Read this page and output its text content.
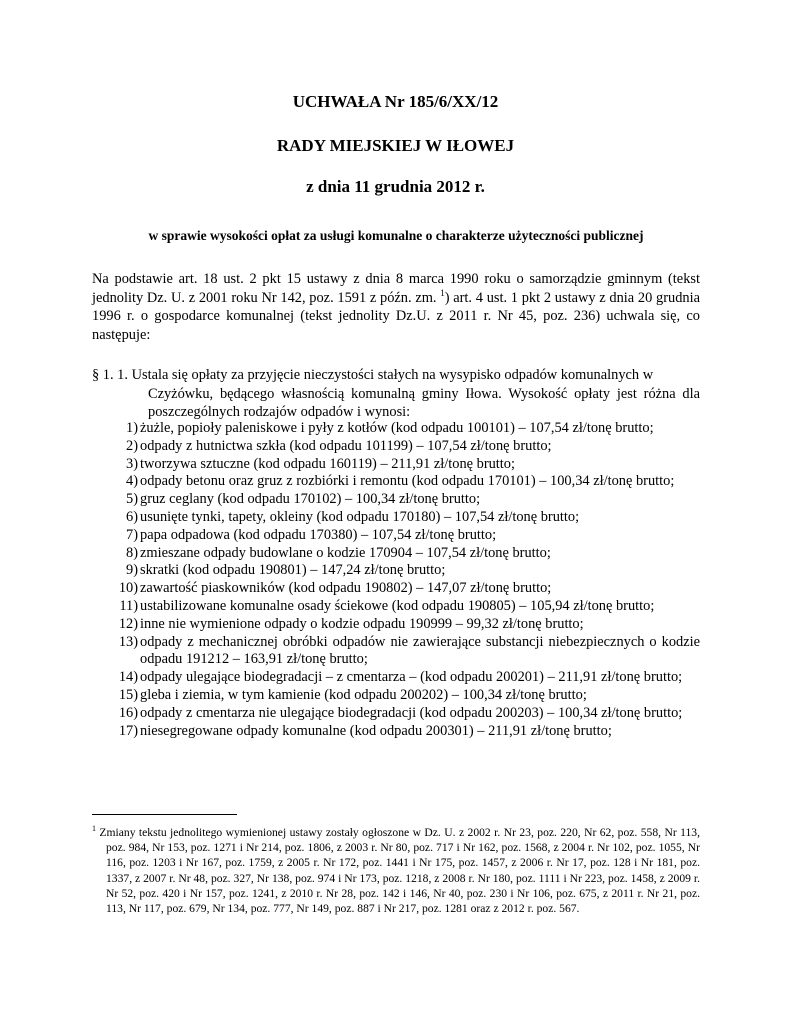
UCHWAŁA Nr 185/6/XX/12
RADY MIEJSKIEJ W IŁOWEJ
z dnia 11 grudnia 2012 r.

w sprawie wysokości opłat za usługi komunalne o charakterze użyteczności publicznej

Na podstawie art. 18 ust. 2 pkt 15 ustawy z dnia 8 marca 1990 roku o samorządzie gminnym (tekst jednolity Dz. U. z 2001 roku Nr 142, poz. 1591 z późn. zm. $^1$) art. 4 ust. 1 pkt 2 ustawy z dnia 20 grudnia 1996 r. o gospodarce komunalnej (tekst jednolity Dz.U. z 2011 r. Nr 45, poz. 236) uchwala się, co następuje:

§ 1. 1. Ustala się opłaty za przyjęcie nieczystości stałych na wysypisko odpadów komunalnych w
Czyżówku, będącego własnością komunalną gminy Iłowa. Wysokość opłaty jest różna dla poszczególnych rodzajów odpadów i wynosi:
1) żużle, popioły paleniskowe i pyły z kotłów (kod odpadu 100101) – 107,54 zł/tonę brutto;
2) odpady z hutnictwa szkła (kod odpadu 101199) – 107,54 zł/tonę brutto;
3) tworzywa sztuczne (kod odpadu 160119) – 211,91 zł/tonę brutto;
4) odpady betonu oraz gruz z rozbiórki i remontu (kod odpadu 170101) – 100,34 zł/tonę brutto;
5) gruz ceglany (kod odpadu 170102) – 100,34 zł/tonę brutto;
6) usunięte tynki, tapety, okleiny (kod odpadu 170180) – 107,54 zł/tonę brutto;
7) papa odpadowa (kod odpadu 170380) – 107,54 zł/tonę brutto;
8) zmieszane odpady budowlane o kodzie 170904 – 107,54 zł/tonę brutto;
9) skratki (kod odpadu 190801) – 147,24 zł/tonę brutto;
10) zawartość piaskowników (kod odpadu 190802) – 147,07 zł/tonę brutto;
11) ustabilizowane komunalne osady ściekowe (kod odpadu 190805) – 105,94 zł/tonę brutto;
12) inne nie wymienione odpady o kodzie odpadu 190999 – 99,32 zł/tonę brutto;
13) odpady z mechanicznej obróbki odpadów nie zawierające substancji niebezpiecznych o kodzie odpadu 191212 – 163,91 zł/tonę brutto;
14) odpady ulegające biodegradacji – z cmentarza – (kod odpadu 200201) – 211,91 zł/tonę brutto;
15) gleba i ziemia, w tym kamienie (kod odpadu 200202) – 100,34 zł/tonę brutto;
16) odpady z cmentarza nie ulegające biodegradacji (kod odpadu 200203) – 100,34 zł/tonę brutto;
17) niesegregowane odpady komunalne (kod odpadu 200301) – 211,91 zł/tonę brutto;

$^1$ Zmiany tekstu jednolitego wymienionej ustawy zostały ogłoszone w Dz. U. z 2002 r. Nr 23, poz. 220, Nr 62, poz. 558, Nr 113, poz. 984, Nr 153, poz. 1271 i Nr 214, poz. 1806, z 2003 r. Nr 80, poz. 717 i Nr 162, poz. 1568, z 2004 r. Nr 102, poz. 1055, Nr 116, poz. 1203 i Nr 167, poz. 1759, z 2005 r. Nr 172, poz. 1441 i Nr 175, poz. 1457, z 2006 r. Nr 17, poz. 128 i Nr 181, poz. 1337, z 2007 r. Nr 48, poz. 327, Nr 138, poz. 974 i Nr 173, poz. 1218, z 2008 r. Nr 180, poz. 1111 i Nr 223, poz. 1458, z 2009 r. Nr 52, poz. 420 i Nr 157, poz. 1241, z 2010 r. Nr 28, poz. 142 i 146, Nr 40, poz. 230 i Nr 106, poz. 675, z 2011 r. Nr 21, poz. 113, Nr 117, poz. 679, Nr 134, poz. 777, Nr 149, poz. 887 i Nr 217, poz. 1281 oraz z 2012 r. poz. 567.
